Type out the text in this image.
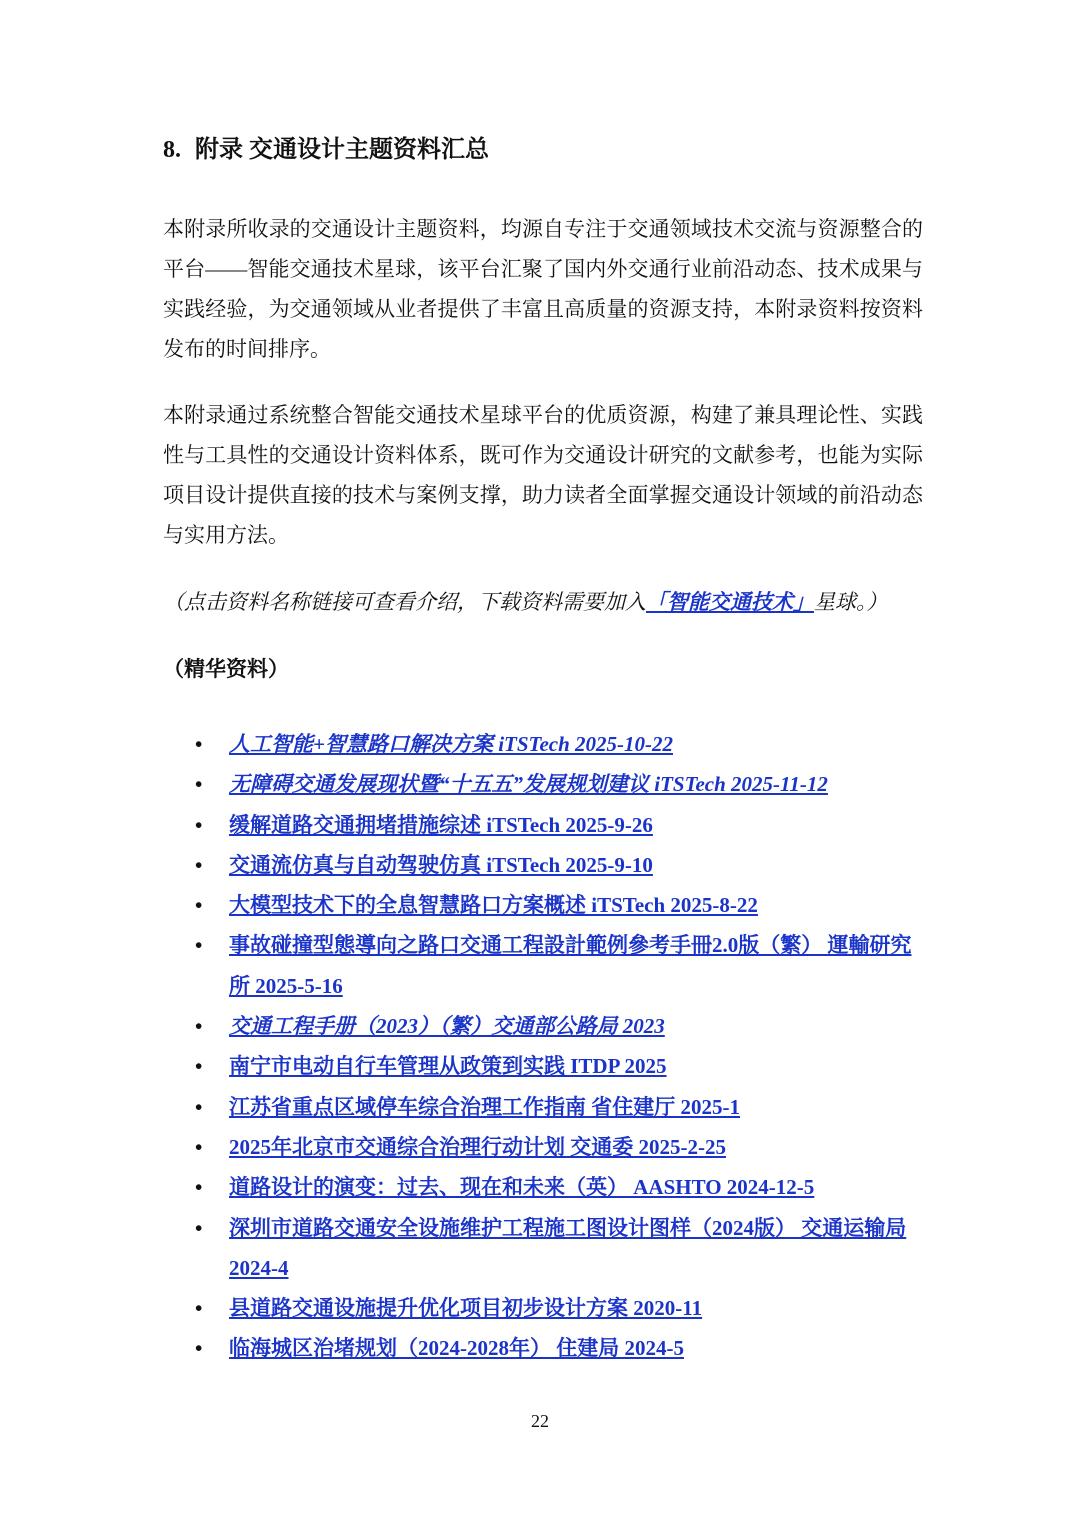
8. 附录 交通设计主题资料汇总

本附录所收录的交通设计主题资料，均源自专注于交通领域技术交流与资源整合的平台——智能交通技术星球，该平台汇聚了国内外交通行业前沿动态、技术成果与实践经验，为交通领域从业者提供了丰富且高质量的资源支持，本附录资料按资料发布的时间排序。

本附录通过系统整合智能交通技术星球平台的优质资源，构建了兼具理论性、实践性与工具性的交通设计资料体系，既可作为交通设计研究的文献参考，也能为实际项目设计提供直接的技术与案例支撑，助力读者全面掌握交通设计领域的前沿动态与实用方法。

（点击资料名称链接可查看介绍，下载资料需要加入「智能交通技术」星球。）
（精华资料）
•	人工智能+智慧路口解决方案 iTSTech 2025-10-22
•	无障碍交通发展现状暨“十五五”发展规划建议 iTSTech 2025-11-12
•	缓解道路交通拥堵措施综述 iTSTech 2025-9-26
•	交通流仿真与自动驾驶仿真 iTSTech 2025-9-10
•	大模型技术下的全息智慧路口方案概述 iTSTech 2025-8-22
•	事故碰撞型態導向之路口交通工程設計範例參考手冊2.0版（繁） 運輸研究所 2025-5-16
•	交通工程手册（2023）（繁）交通部公路局 2023
•	南宁市电动自行车管理从政策到实践 ITDP 2025
•	江苏省重点区域停车综合治理工作指南 省住建厅 2025-1
•	2025年北京市交通综合治理行动计划 交通委 2025-2-25
•	道路设计的演变：过去、现在和未来（英） AASHTO 2024-12-5
•	深圳市道路交通安全设施维护工程施工图设计图样（2024版） 交通运输局 2024-4
•	县道路交通设施提升优化项目初步设计方案 2020-11
•	临海城区治堵规划（2024-2028年） 住建局 2024-5
22
